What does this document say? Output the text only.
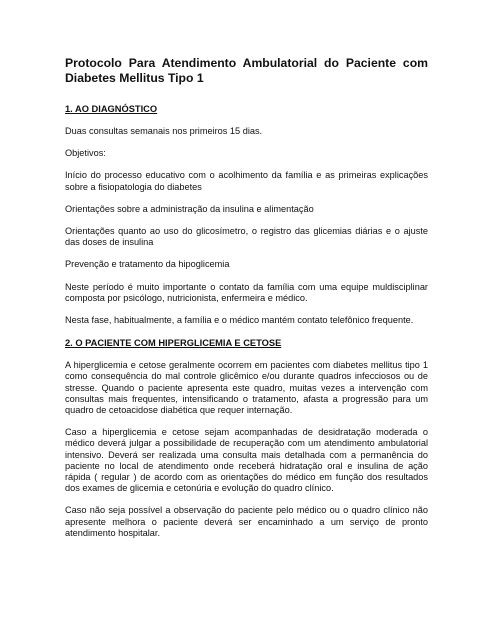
Protocolo Para Atendimento Ambulatorial do Paciente com Diabetes Mellitus Tipo 1
1. AO DIAGNÓSTICO

Duas consultas semanais nos primeiros 15 dias.

Objetivos:

Início do processo educativo com o acolhimento da família e as primeiras explicações sobre a fisiopatologia do diabetes

Orientações sobre a administração da insulina e alimentação

Orientações quanto ao uso do glicosímetro, o registro das glicemias diárias e o ajuste das doses de insulina

Prevenção e tratamento da hipoglicemia

Neste período é muito importante o contato da família com uma equipe muldisciplinar composta por psicólogo, nutricionista, enfermeira e médico.

Nesta fase, habitualmente, a família e o médico mantém contato telefônico frequente.

2. O PACIENTE COM HIPERGLICEMIA E CETOSE

A hiperglicemia e cetose geralmente ocorrem em pacientes com diabetes mellitus tipo 1 como consequência do mal controle glicêmico e/ou durante quadros infecciosos ou de stresse. Quando o paciente apresenta este quadro, muitas vezes a intervenção com consultas mais frequentes, intensificando o tratamento, afasta a progressão para um quadro de cetoacidose diabética que requer internação.

Caso a hiperglicemia e cetose sejam acompanhadas de desidratação moderada o médico deverá julgar a possibilidade de recuperação com um atendimento ambulatorial intensivo. Deverá ser realizada uma consulta mais detalhada com a permanência do paciente no local de atendimento onde receberá hidratação oral e insulina de ação rápida ( regular ) de acordo com as orientações do médico em função dos resultados dos exames de glicemia e cetonúria e evolução do quadro clínico.

Caso não seja possível a observação do paciente pelo médico ou o quadro clínico não apresente melhora o paciente deverá ser encaminhado a um serviço de pronto atendimento hospitalar.
